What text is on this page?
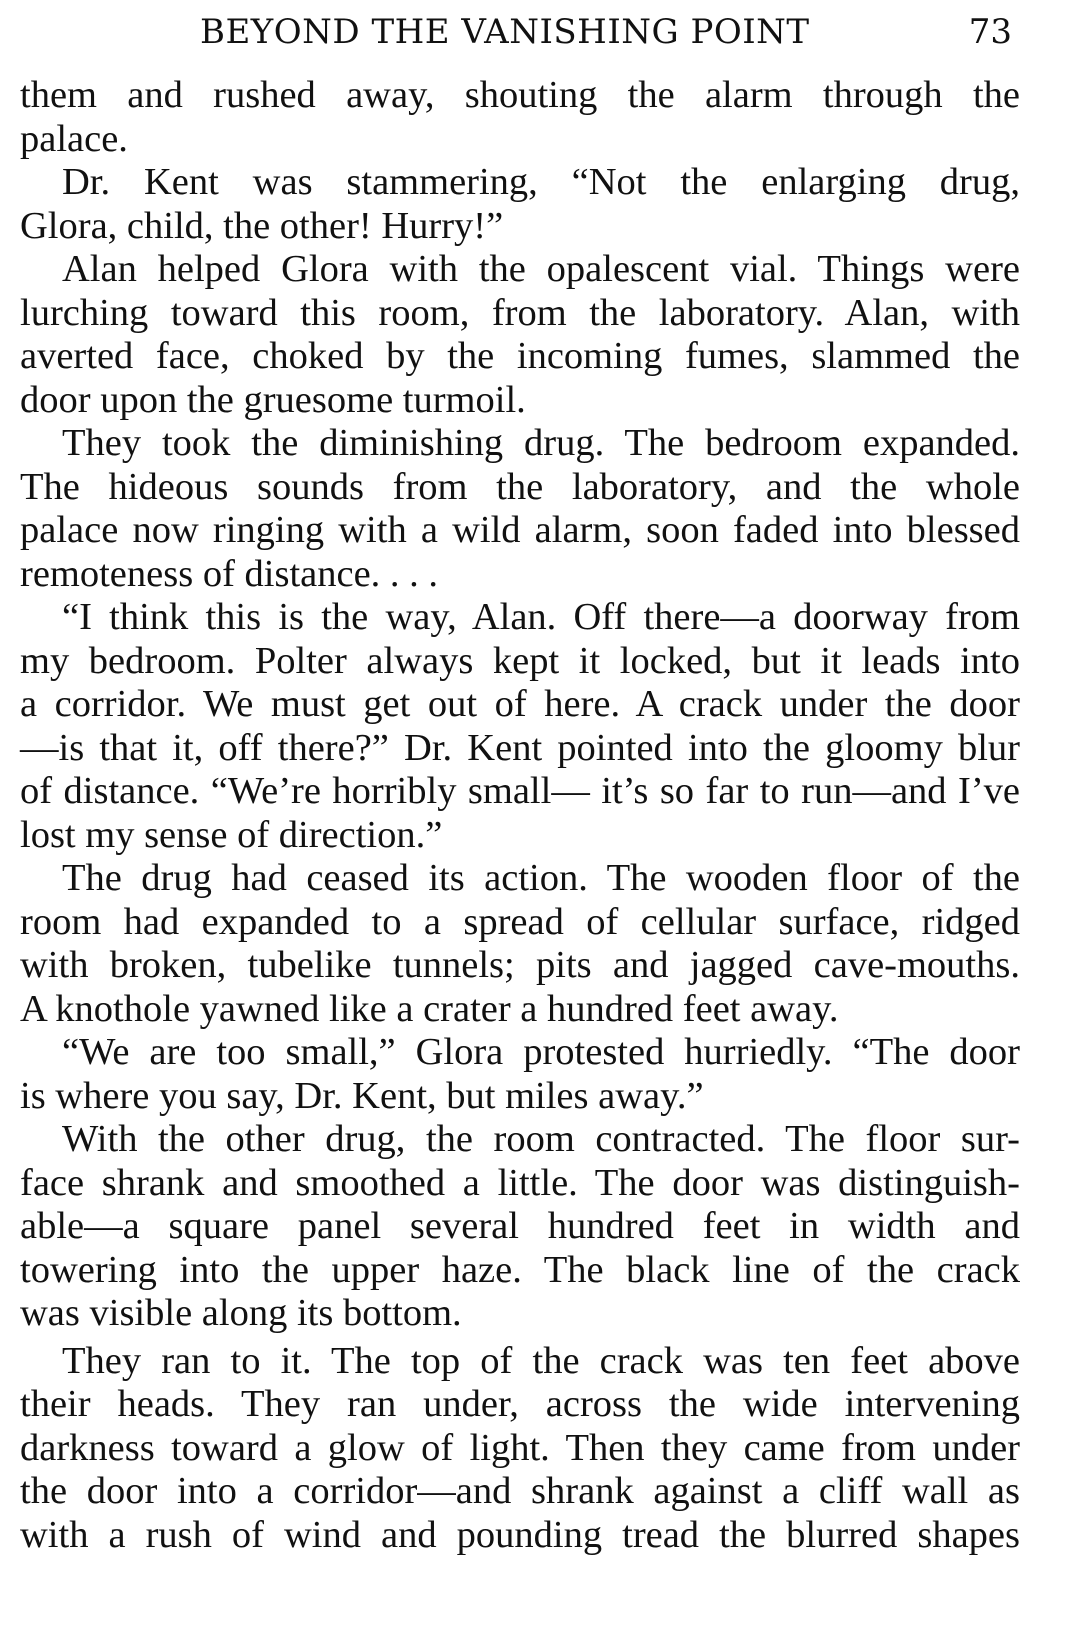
BEYOND THE VANISHING POINT	73
them and rushed away, shouting the alarm through the
palace.
Dr. Kent was stammering, “Not the enlarging drug,
Glora, child, the other! Hurry!”
Alan helped Glora with the opalescent vial. Things were
lurching toward this room, from the laboratory. Alan, with
averted face, choked by the incoming fumes, slammed the
door upon the gruesome turmoil.
They took the diminishing drug. The bedroom expanded.
The hideous sounds from the laboratory, and the whole
palace now ringing with a wild alarm, soon faded into blessed
remoteness of distance. . . .
“I think this is the way, Alan. Off there—a doorway from
my bedroom. Polter always kept it locked, but it leads into
a corridor. We must get out of here. A crack under the door
—is that it, off there?” Dr. Kent pointed into the gloomy blur
of distance. “We’re horribly small— it’s so far to run—and I’ve
lost my sense of direction.”
The drug had ceased its action. The wooden floor of the
room had expanded to a spread of cellular surface, ridged
with broken, tubelike tunnels; pits and jagged cave-mouths.
A knothole yawned like a crater a hundred feet away.
“We are too small,” Glora protested hurriedly. “The door
is where you say, Dr. Kent, but miles away.”
With the other drug, the room contracted. The floor sur-
face shrank and smoothed a little. The door was distinguish-
able—a square panel several hundred feet in width and
towering into the upper haze. The black line of the crack
was visible along its bottom.
They ran to it. The top of the crack was ten feet above
their heads. They ran under, across the wide intervening
darkness toward a glow of light. Then they came from under
the door into a corridor—and shrank against a cliff wall as
with a rush of wind and pounding tread the blurred shapes
